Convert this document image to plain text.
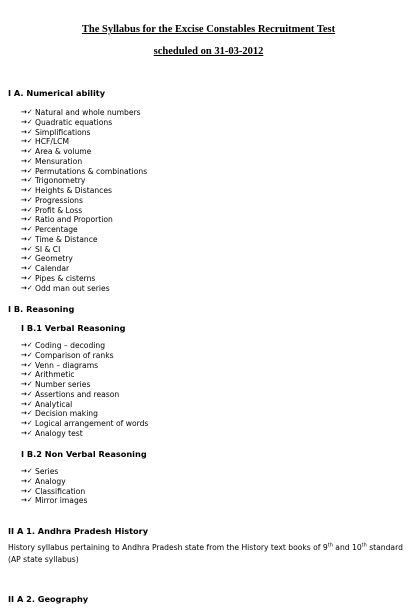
The Syllabus for the Excise Constables Recruitment Test
scheduled on 31-03-2012
I A. Numerical ability
→✓ Natural and whole numbers
→✓ Quadratic equations
→✓ Simplifications
→✓ HCF/LCM
→✓ Area & volume
→✓ Mensuration
→✓ Permutations & combinations
→✓ Trigonometry
→✓ Heights & Distances
→✓ Progressions
→✓ Profit & Loss
→✓ Ratio and Proportion
→✓ Percentage
→✓ Time & Distance
→✓ SI & CI
→✓ Geometry
→✓ Calendar
→✓ Pipes & cisterns
→✓ Odd man out series
I B. Reasoning
I B.1 Verbal Reasoning
→✓ Coding – decoding
→✓ Comparison of ranks
→✓ Venn – diagrams
→✓ Arithmetic
→✓ Number series
→✓ Assertions and reason
→✓ Analytical
→✓ Decision making
→✓ Logical arrangement of words
→✓ Analogy test
I B.2 Non Verbal Reasoning
→✓ Series
→✓ Analogy
→✓ Classification
→✓ Mirror images
II A 1. Andhra Pradesh History
History syllabus pertaining to Andhra Pradesh state from the History text books of 9th and 10th standard (AP state syllabus)
II A 2. Geography
